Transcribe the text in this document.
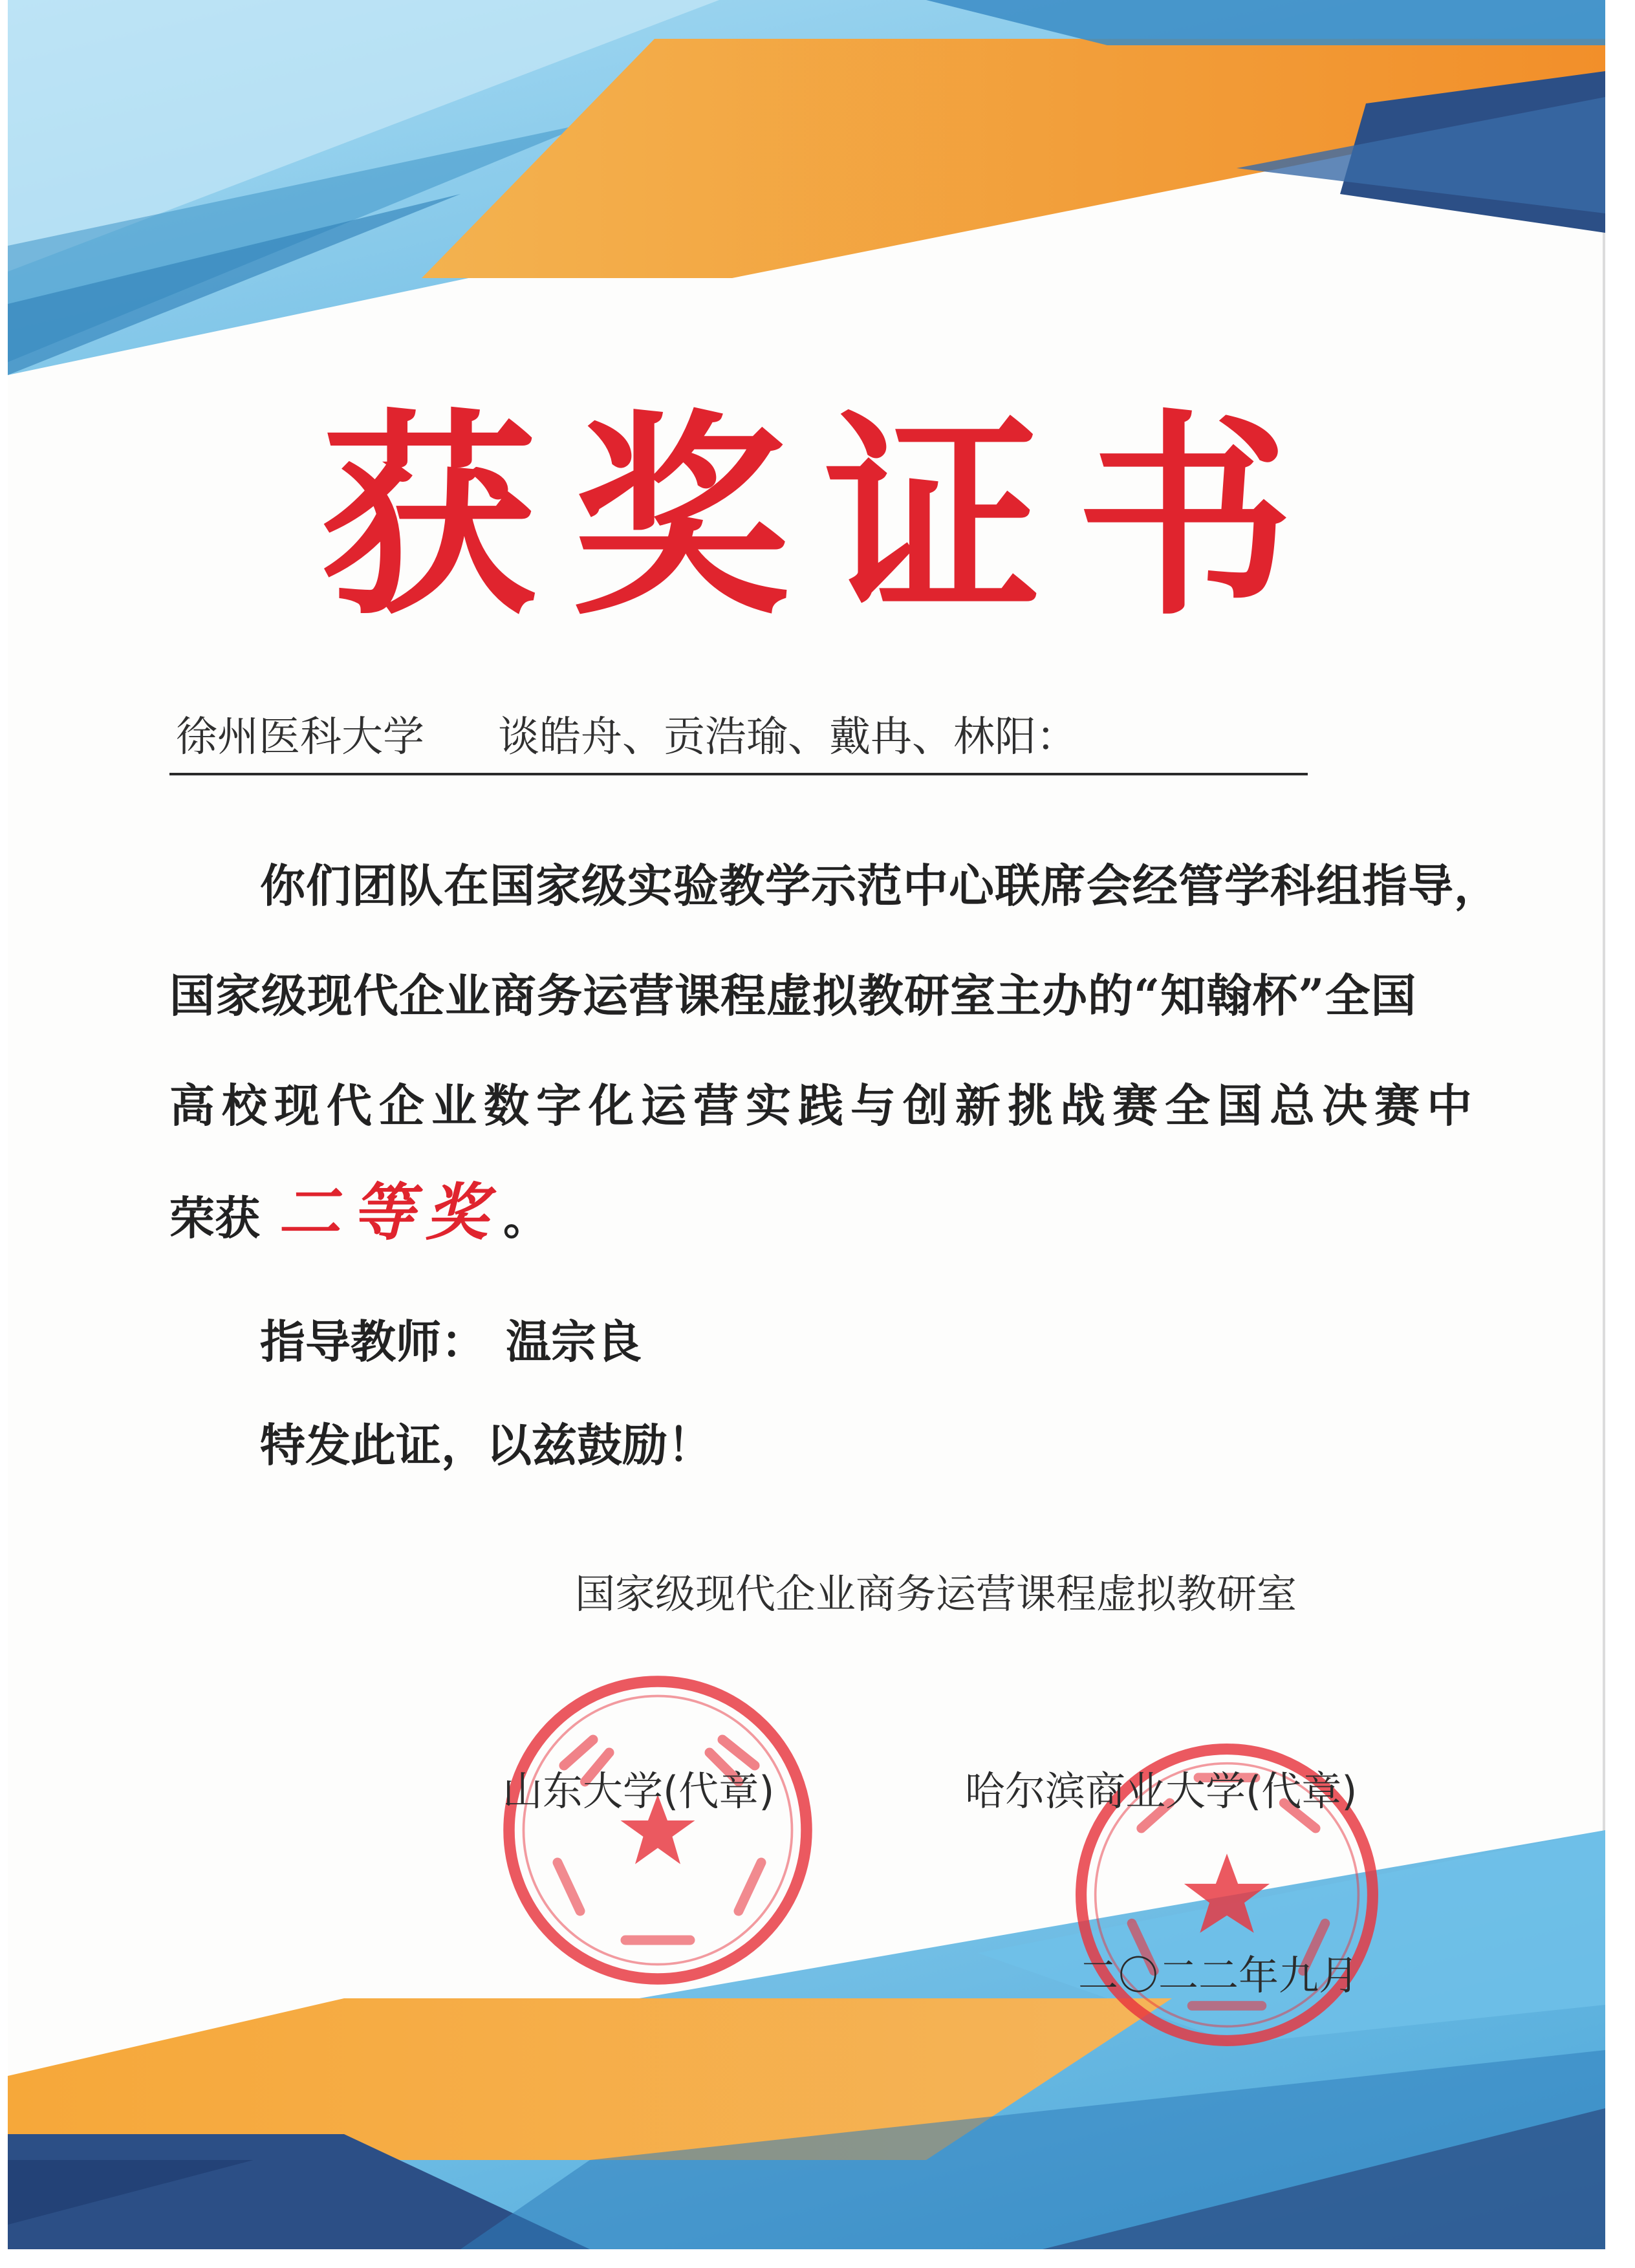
获奖证书
徐州医科大学 谈皓舟、贡浩瑜、戴冉、林阳：
你们团队在国家级实验教学示范中心联席会经管学科组指导，
国家级现代企业商务运营课程虚拟教研室主办的“知翰杯”全国
高校现代企业数字化运营实践与创新挑战赛全国总决赛中
荣获 二等奖。
指导教师： 温宗良
特发此证，以兹鼓励！
国家级现代企业商务运营课程虚拟教研室
山东大学(代章)	哈尔滨商业大学(代章)
二〇二二年九月
